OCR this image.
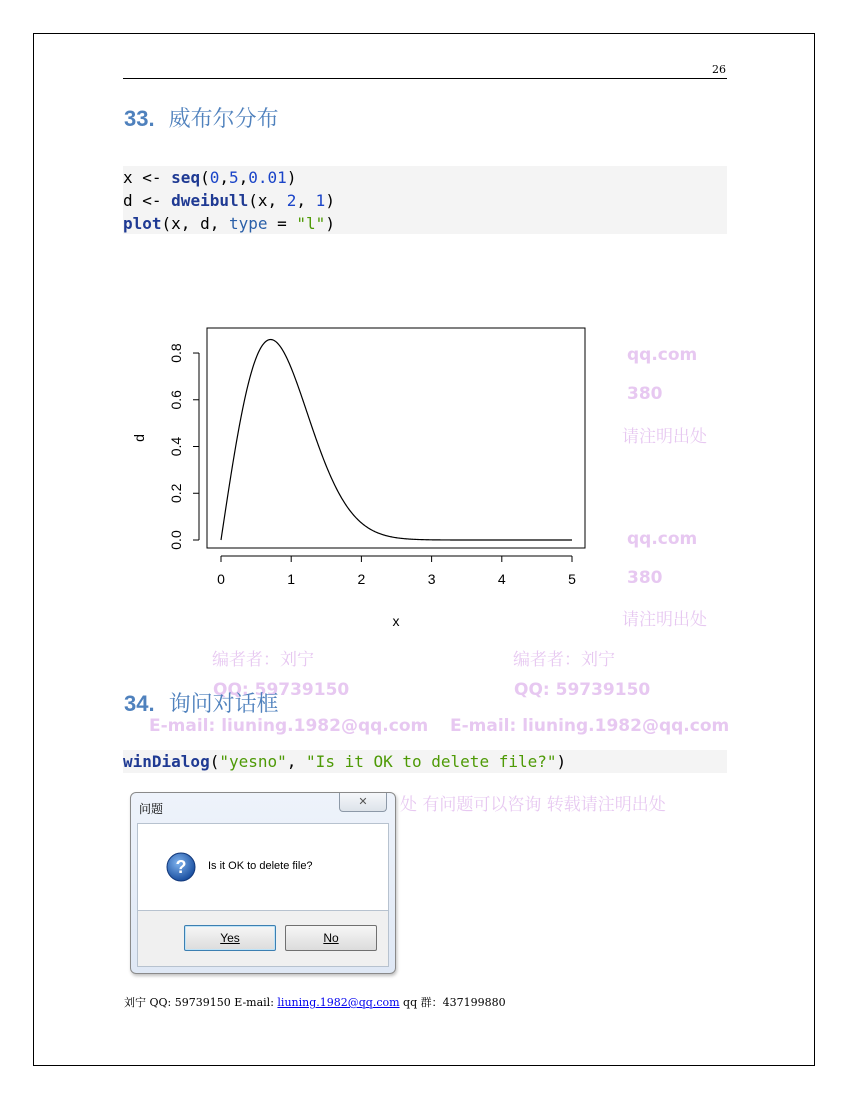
26
33. 威布尔分布
x <- seq(0,5,0.01)
d <- dweibull(x, 2, 1)
plot(x, d, type = "l")
qq.com
380
请注明出处
qq.com
380
请注明出处
编者者：刘宁	编者者：刘宁
QQ: 59739150	QQ: 59739150
E-mail: liuning.1982@qq.com E-mail: liuning.1982@qq.com
处 有问题可以咨询 转载请注明出处
0	1	2	3	4	5
0.0
0.2
0.4
0.6
0.8
x
d
34. 询问对话框
winDialog("yesno", "Is it OK to delete file?")
问题
✕
? Is it OK to delete file?
Yes	No
刘宁 QQ: 59739150 E-mail: liuning.1982@qq.com qq 群：437199880
